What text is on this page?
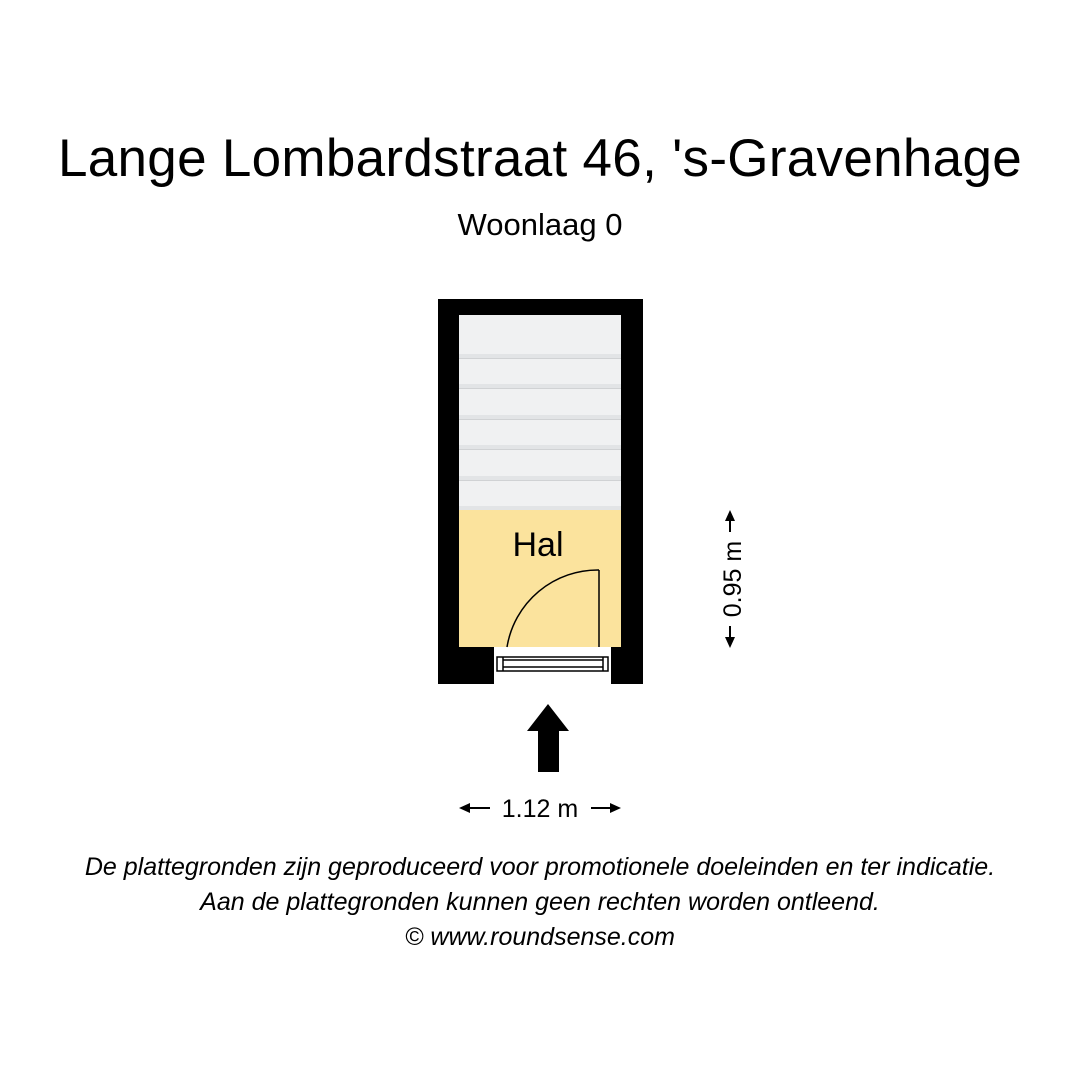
Lange Lombardstraat 46, 's-Gravenhage
Woonlaag 0
Hal
1.12 m
0.95 m
De plattegronden zijn geproduceerd voor promotionele doeleinden en ter indicatie.
Aan de plattegronden kunnen geen rechten worden ontleend.
© www.roundsense.com
